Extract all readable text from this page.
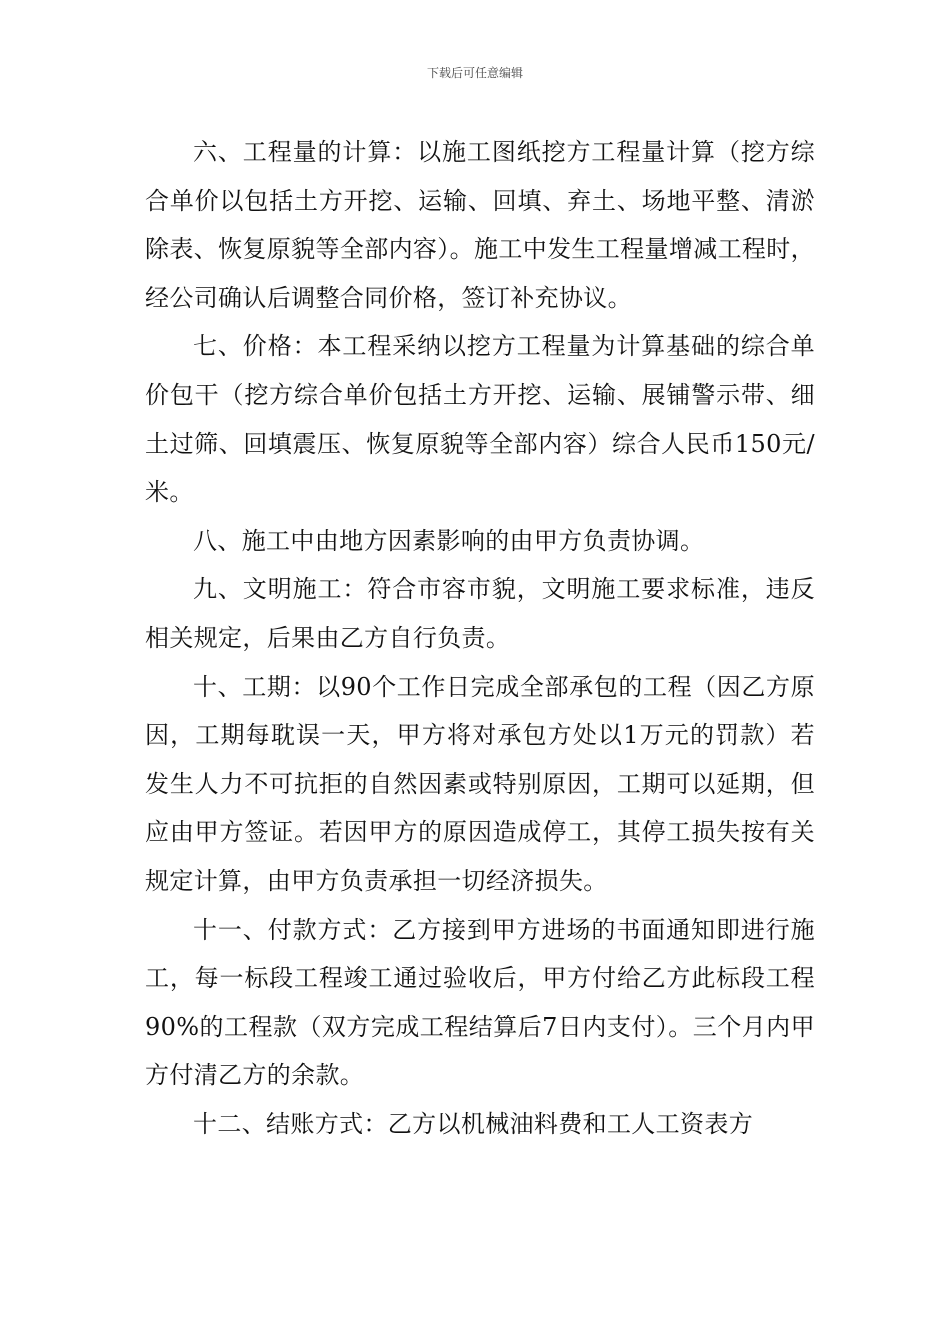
下载后可任意编辑

六、工程量的计算：以施工图纸挖方工程量计算（挖方综合单价以包括土方开挖、运输、回填、弃土、场地平整、清淤除表、恢复原貌等全部内容）。施工中发生工程量增减工程时，经公司确认后调整合同价格，签订补充协议。

七、价格：本工程采纳以挖方工程量为计算基础的综合单价包干（挖方综合单价包括土方开挖、运输、展铺警示带、细土过筛、回填震压、恢复原貌等全部内容）综合人民币150元/米。

八、施工中由地方因素影响的由甲方负责协调。

九、文明施工：符合市容市貌，文明施工要求标准，违反相关规定，后果由乙方自行负责。

十、工期：以90个工作日完成全部承包的工程（因乙方原因，工期每耽误一天，甲方将对承包方处以1万元的罚款）若发生人力不可抗拒的自然因素或特别原因，工期可以延期，但应由甲方签证。若因甲方的原因造成停工，其停工损失按有关规定计算，由甲方负责承担一切经济损失。

十一、付款方式：乙方接到甲方进场的书面通知即进行施工，每一标段工程竣工通过验收后，甲方付给乙方此标段工程90%的工程款（双方完成工程结算后7日内支付）。三个月内甲方付清乙方的余款。

十二、结账方式：乙方以机械油料费和工人工资表方
